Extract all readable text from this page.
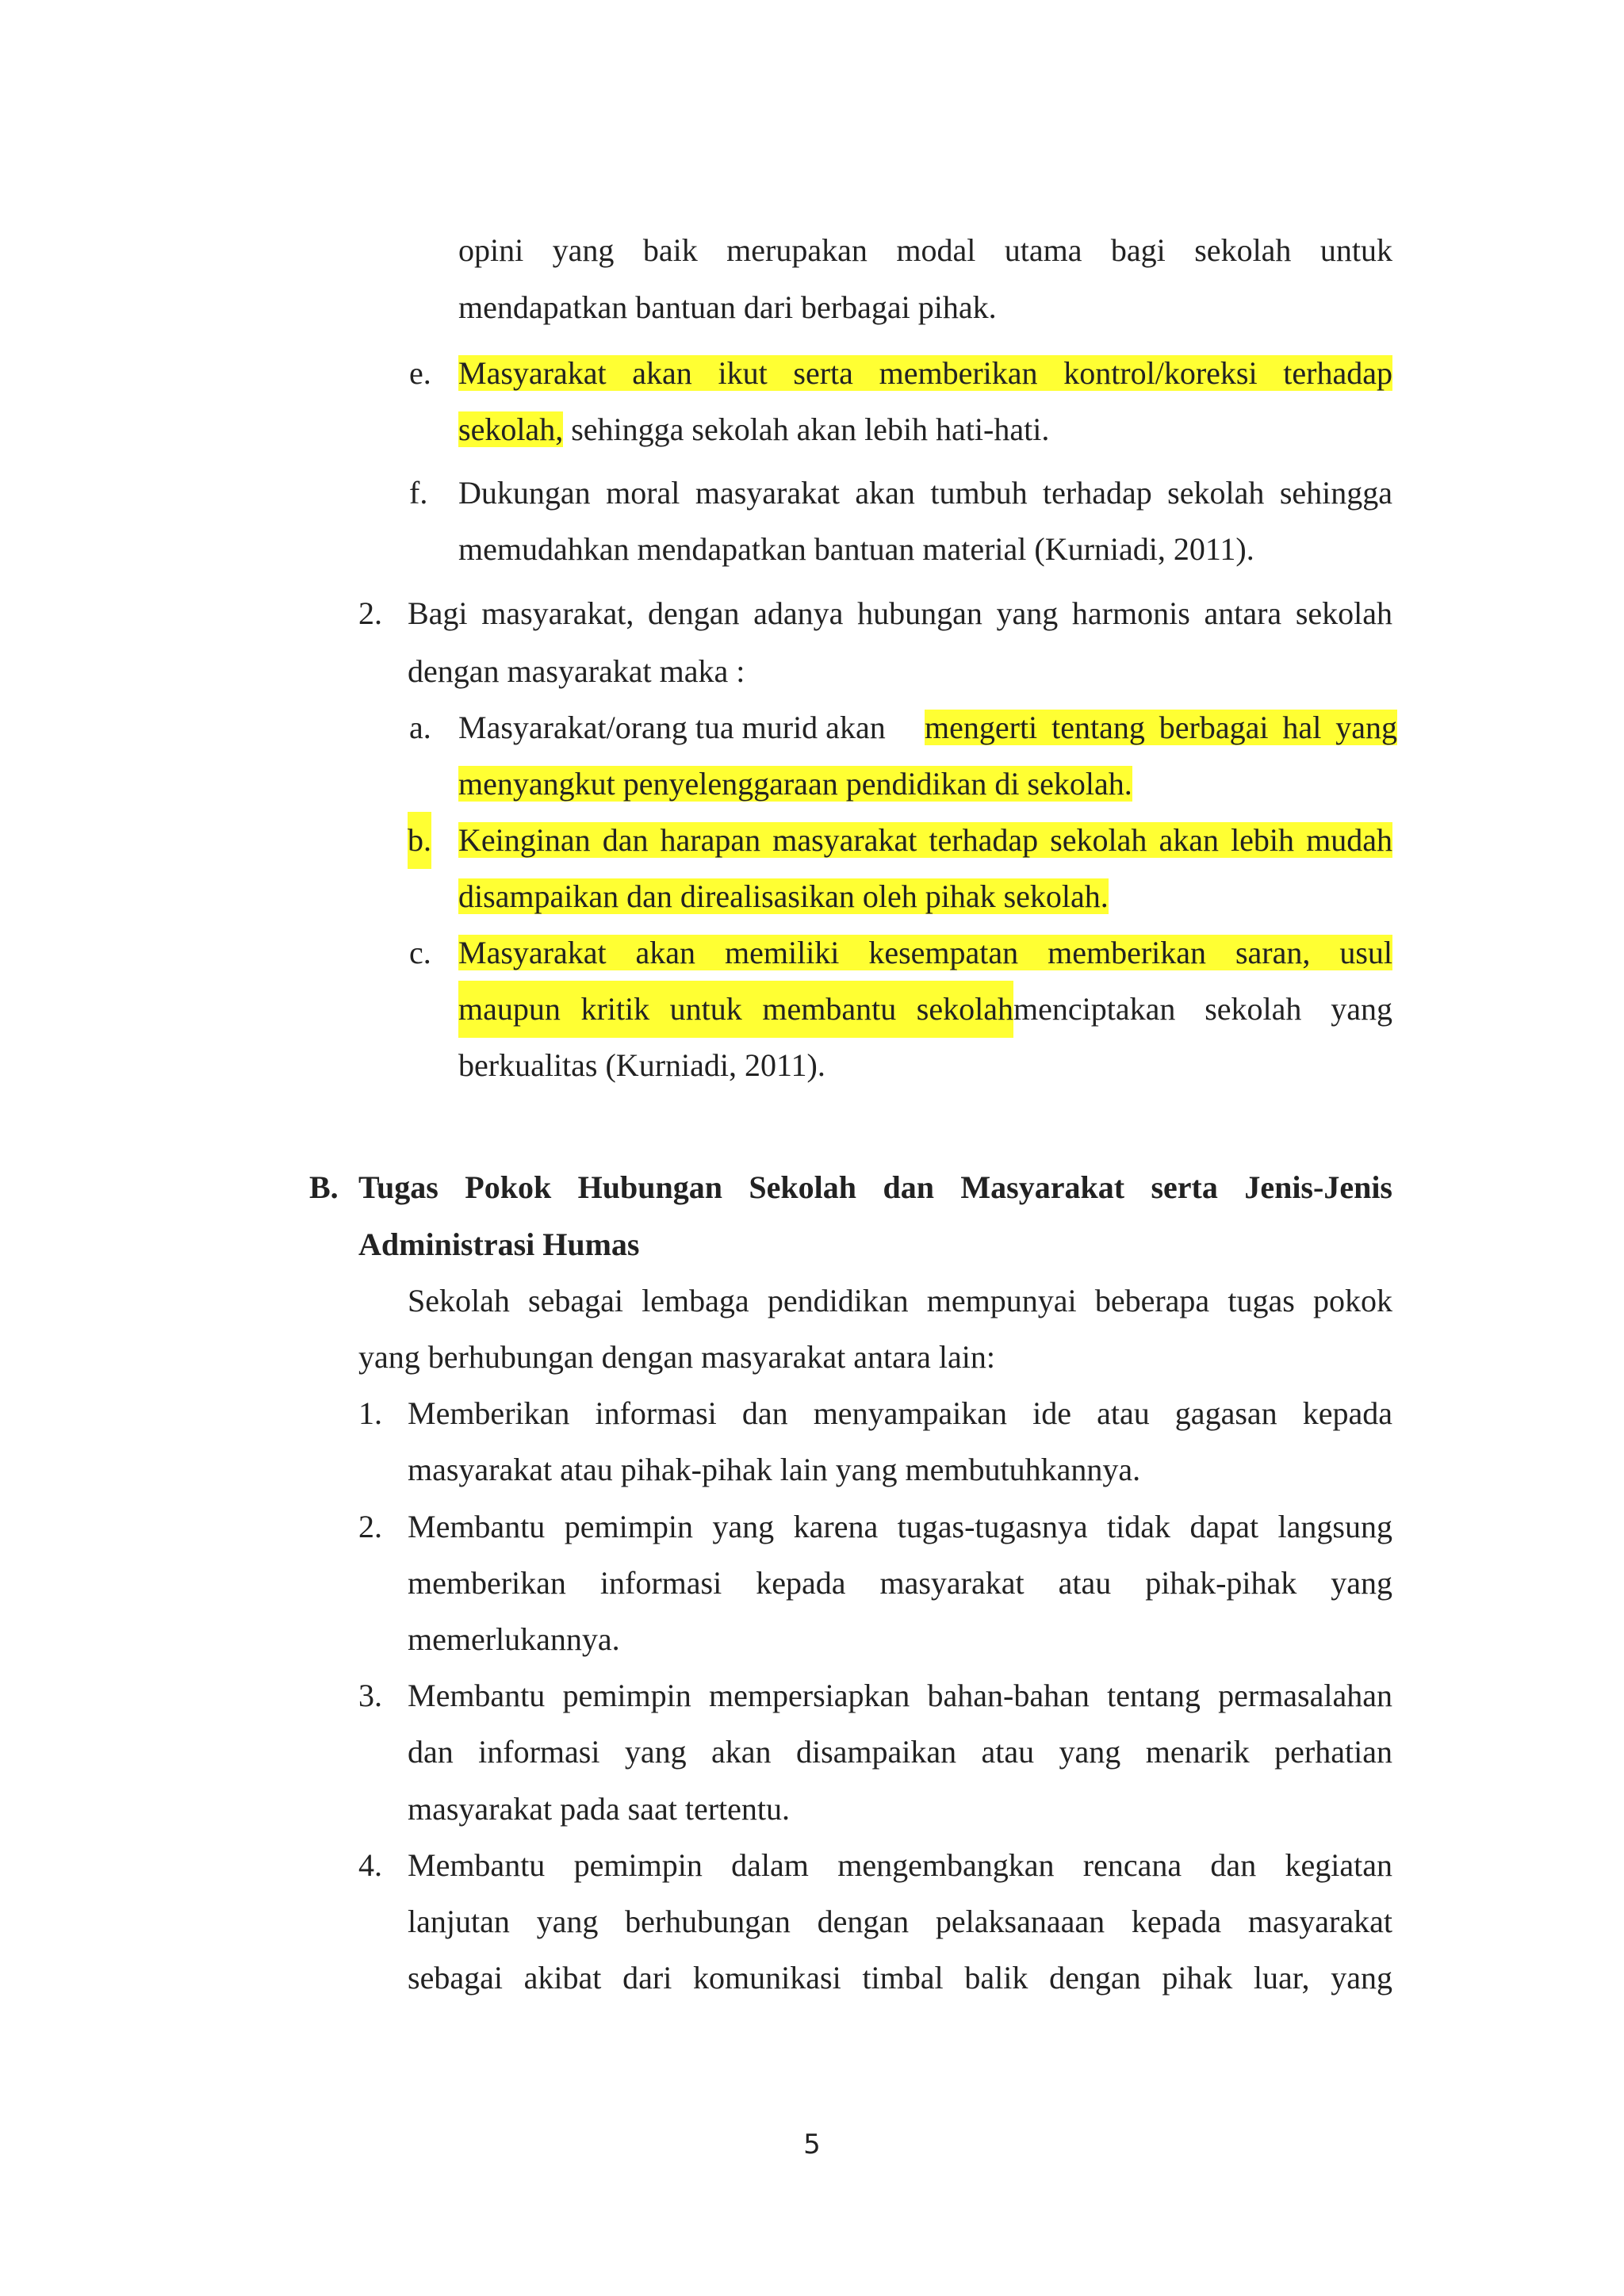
opini yang baik merupakan modal utama bagi sekolah untuk
mendapatkan bantuan dari berbagai pihak.
e. Masyarakat akan ikut serta memberikan kontrol/koreksi terhadap
sekolah, sehingga sekolah akan lebih hati-hati.
f. Dukungan moral masyarakat akan tumbuh terhadap sekolah sehingga
memudahkan mendapatkan bantuan material (Kurniadi, 2011).
2. Bagi masyarakat, dengan adanya hubungan yang harmonis antara sekolah
dengan masyarakat maka :
a. Masyarakat/orang tua murid akan	mengerti tentang berbagai hal yang
menyangkut penyelenggaraan pendidikan di sekolah.
b. Keinginan dan harapan masyarakat terhadap sekolah akan lebih mudah
disampaikan dan direalisasikan oleh pihak sekolah.
c. Masyarakat akan memiliki kesempatan memberikan saran, usul
maupun kritik untuk membantu sekolahmenciptakan sekolah yang
berkualitas (Kurniadi, 2011).
B. Tugas Pokok Hubungan Sekolah dan Masyarakat serta Jenis-Jenis
Administrasi Humas
Sekolah sebagai lembaga pendidikan mempunyai beberapa tugas pokok
yang berhubungan dengan masyarakat antara lain:
1. Memberikan informasi dan menyampaikan ide atau gagasan kepada
masyarakat atau pihak-pihak lain yang membutuhkannya.
2. Membantu pemimpin yang karena tugas-tugasnya tidak dapat langsung
memberikan informasi kepada masyarakat atau pihak-pihak yang
memerlukannya.
3. Membantu pemimpin mempersiapkan bahan-bahan tentang permasalahan
dan informasi yang akan disampaikan atau yang menarik perhatian
masyarakat pada saat tertentu.
4. Membantu pemimpin dalam mengembangkan rencana dan kegiatan
lanjutan yang berhubungan dengan pelaksanaaan kepada masyarakat
sebagai akibat dari komunikasi timbal balik dengan pihak luar, yang
5
